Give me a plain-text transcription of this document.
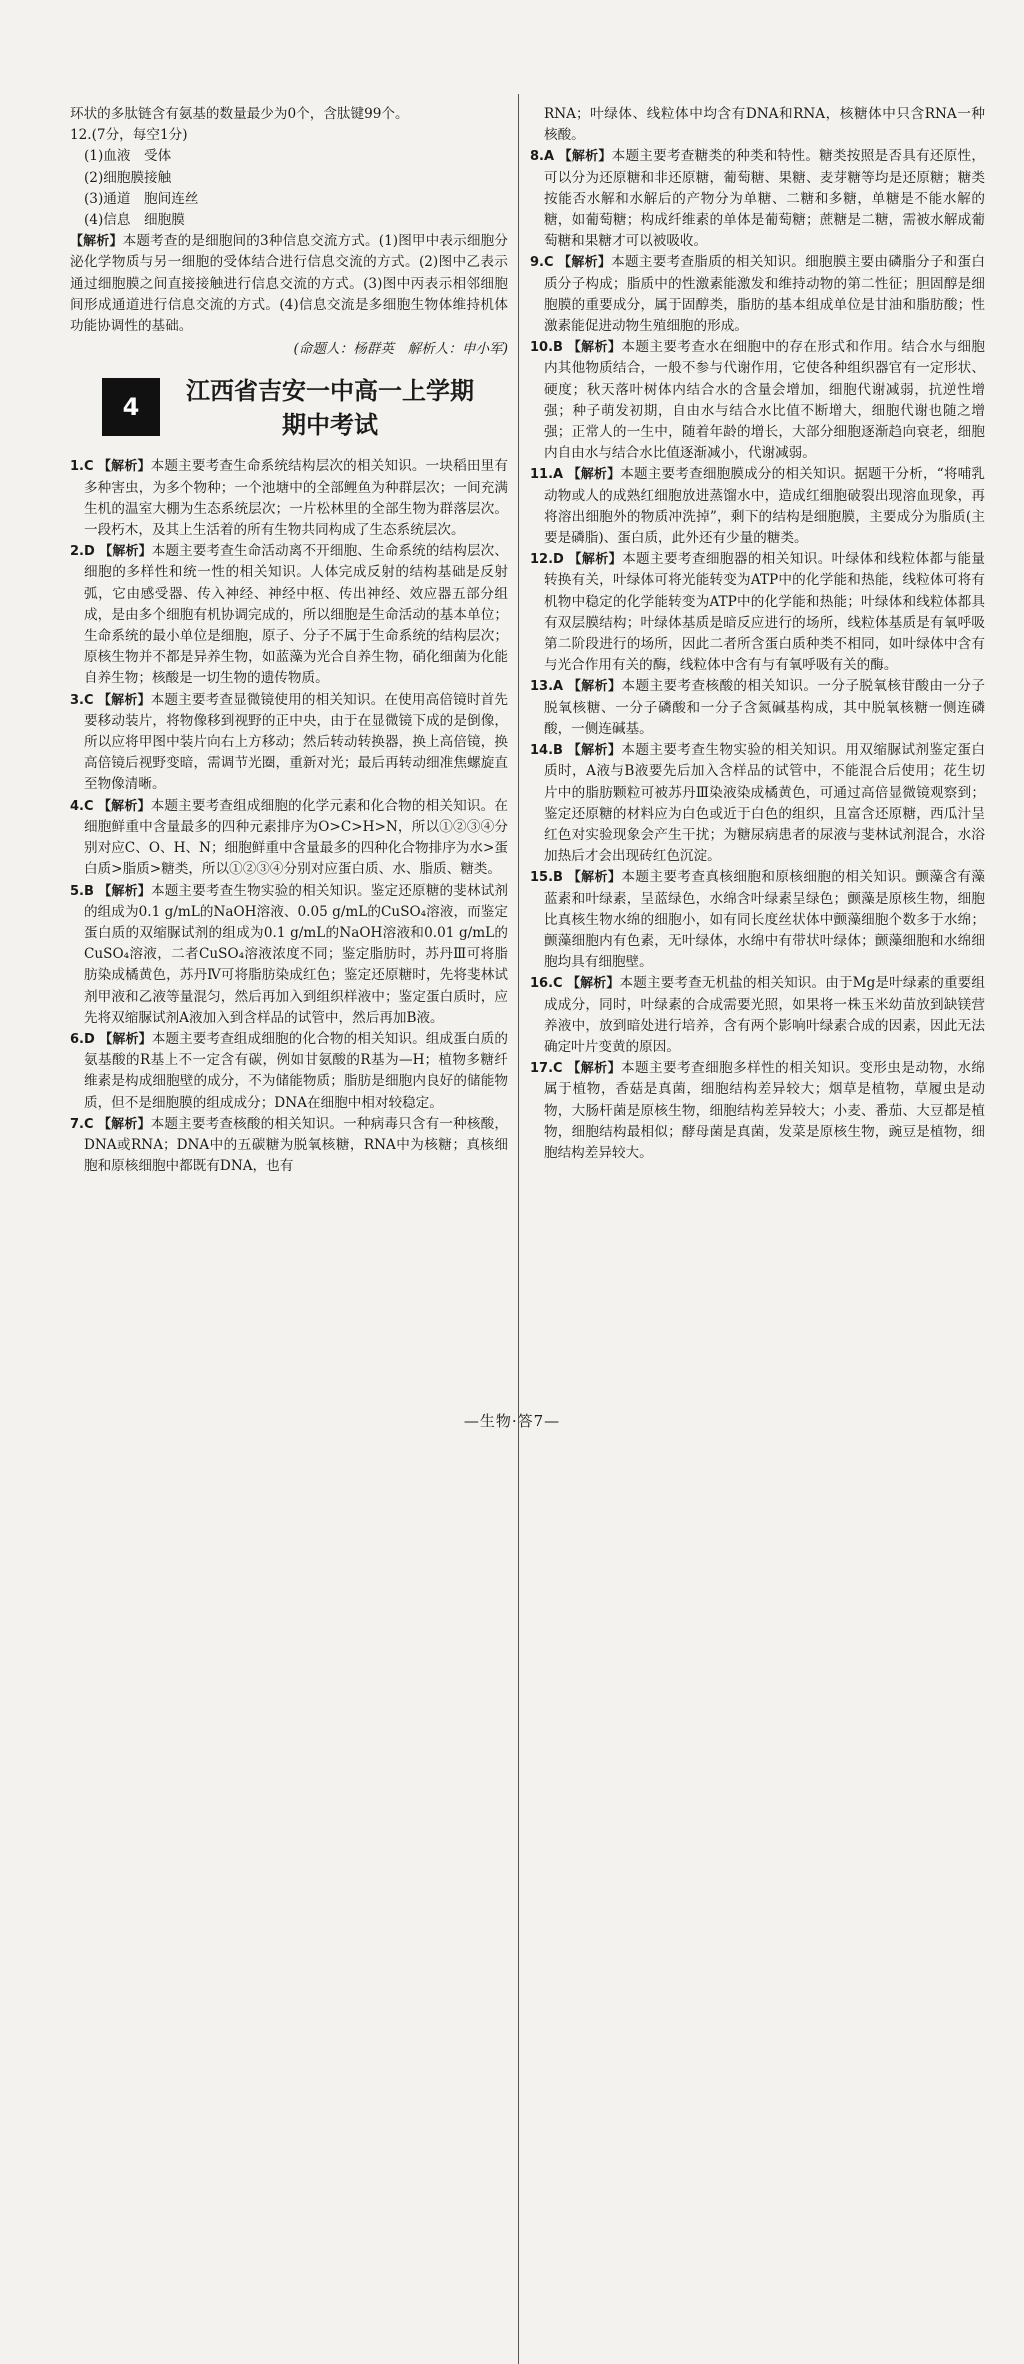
环状的多肽链含有氨基的数量最少为0个，含肽键99个。

12.(7分，每空1分)

(1)血液　受体

(2)细胞膜接触

(3)通道　胞间连丝

(4)信息　细胞膜

【解析】本题考查的是细胞间的3种信息交流方式。(1)图甲中表示细胞分泌化学物质与另一细胞的受体结合进行信息交流的方式。(2)图中乙表示通过细胞膜之间直接接触进行信息交流的方式。(3)图中丙表示相邻细胞间形成通道进行信息交流的方式。(4)信息交流是多细胞生物体维持机体功能协调性的基础。

(命题人：杨群英　解析人：申小军)

4
江西省吉安一中高一上学期
期中考试

1.C 【解析】本题主要考查生命系统结构层次的相关知识。一块稻田里有多种害虫，为多个物种；一个池塘中的全部鲤鱼为种群层次；一间充满生机的温室大棚为生态系统层次；一片松林里的全部生物为群落层次。一段朽木，及其上生活着的所有生物共同构成了生态系统层次。

2.D 【解析】本题主要考查生命活动离不开细胞、生命系统的结构层次、细胞的多样性和统一性的相关知识。人体完成反射的结构基础是反射弧，它由感受器、传入神经、神经中枢、传出神经、效应器五部分组成，是由多个细胞有机协调完成的，所以细胞是生命活动的基本单位；生命系统的最小单位是细胞，原子、分子不属于生命系统的结构层次；原核生物并不都是异养生物，如蓝藻为光合自养生物，硝化细菌为化能自养生物；核酸是一切生物的遗传物质。

3.C 【解析】本题主要考查显微镜使用的相关知识。在使用高倍镜时首先要移动装片，将物像移到视野的正中央，由于在显微镜下成的是倒像，所以应将甲图中装片向右上方移动；然后转动转换器，换上高倍镜，换高倍镜后视野变暗，需调节光圈，重新对光；最后再转动细准焦螺旋直至物像清晰。

4.C 【解析】本题主要考查组成细胞的化学元素和化合物的相关知识。在细胞鲜重中含量最多的四种元素排序为O>C>H>N，所以①②③④分别对应C、O、H、N；细胞鲜重中含量最多的四种化合物排序为水>蛋白质>脂质>糖类，所以①②③④分别对应蛋白质、水、脂质、糖类。

5.B 【解析】本题主要考查生物实验的相关知识。鉴定还原糖的斐林试剂的组成为0.1 g/mL的NaOH溶液、0.05 g/mL的CuSO₄溶液，而鉴定蛋白质的双缩脲试剂的组成为0.1 g/mL的NaOH溶液和0.01 g/mL的CuSO₄溶液，二者CuSO₄溶液浓度不同；鉴定脂肪时，苏丹Ⅲ可将脂肪染成橘黄色，苏丹Ⅳ可将脂肪染成红色；鉴定还原糖时，先将斐林试剂甲液和乙液等量混匀，然后再加入到组织样液中；鉴定蛋白质时，应先将双缩脲试剂A液加入到含样品的试管中，然后再加B液。

6.D 【解析】本题主要考查组成细胞的化合物的相关知识。组成蛋白质的氨基酸的R基上不一定含有碳，例如甘氨酸的R基为—H；植物多糖纤维素是构成细胞壁的成分，不为储能物质；脂肪是细胞内良好的储能物质，但不是细胞膜的组成成分；DNA在细胞中相对较稳定。

7.C 【解析】本题主要考查核酸的相关知识。一种病毒只含有一种核酸，DNA或RNA；DNA中的五碳糖为脱氧核糖，RNA中为核糖；真核细胞和原核细胞中都既有DNA，也有

RNA；叶绿体、线粒体中均含有DNA和RNA，核糖体中只含RNA一种核酸。

8.A 【解析】本题主要考查糖类的种类和特性。糖类按照是否具有还原性，可以分为还原糖和非还原糖，葡萄糖、果糖、麦芽糖等均是还原糖；糖类按能否水解和水解后的产物分为单糖、二糖和多糖，单糖是不能水解的糖，如葡萄糖；构成纤维素的单体是葡萄糖；蔗糖是二糖，需被水解成葡萄糖和果糖才可以被吸收。

9.C 【解析】本题主要考查脂质的相关知识。细胞膜主要由磷脂分子和蛋白质分子构成；脂质中的性激素能激发和维持动物的第二性征；胆固醇是细胞膜的重要成分，属于固醇类，脂肪的基本组成单位是甘油和脂肪酸；性激素能促进动物生殖细胞的形成。

10.B 【解析】本题主要考查水在细胞中的存在形式和作用。结合水与细胞内其他物质结合，一般不参与代谢作用，它使各种组织器官有一定形状、硬度；秋天落叶树体内结合水的含量会增加，细胞代谢减弱，抗逆性增强；种子萌发初期，自由水与结合水比值不断增大，细胞代谢也随之增强；正常人的一生中，随着年龄的增长，大部分细胞逐渐趋向衰老，细胞内自由水与结合水比值逐渐减小，代谢减弱。

11.A 【解析】本题主要考查细胞膜成分的相关知识。据题干分析，“将哺乳动物或人的成熟红细胞放进蒸馏水中，造成红细胞破裂出现溶血现象，再将溶出细胞外的物质冲洗掉”，剩下的结构是细胞膜，主要成分为脂质(主要是磷脂)、蛋白质，此外还有少量的糖类。

12.D 【解析】本题主要考查细胞器的相关知识。叶绿体和线粒体都与能量转换有关，叶绿体可将光能转变为ATP中的化学能和热能，线粒体可将有机物中稳定的化学能转变为ATP中的化学能和热能；叶绿体和线粒体都具有双层膜结构；叶绿体基质是暗反应进行的场所，线粒体基质是有氧呼吸第二阶段进行的场所，因此二者所含蛋白质种类不相同，如叶绿体中含有与光合作用有关的酶，线粒体中含有与有氧呼吸有关的酶。

13.A 【解析】本题主要考查核酸的相关知识。一分子脱氧核苷酸由一分子脱氧核糖、一分子磷酸和一分子含氮碱基构成，其中脱氧核糖一侧连磷酸，一侧连碱基。

14.B 【解析】本题主要考查生物实验的相关知识。用双缩脲试剂鉴定蛋白质时，A液与B液要先后加入含样品的试管中，不能混合后使用；花生切片中的脂肪颗粒可被苏丹Ⅲ染液染成橘黄色，可通过高倍显微镜观察到；鉴定还原糖的材料应为白色或近于白色的组织，且富含还原糖，西瓜汁呈红色对实验现象会产生干扰；为糖尿病患者的尿液与斐林试剂混合，水浴加热后才会出现砖红色沉淀。

15.B 【解析】本题主要考查真核细胞和原核细胞的相关知识。颤藻含有藻蓝素和叶绿素，呈蓝绿色，水绵含叶绿素呈绿色；颤藻是原核生物，细胞比真核生物水绵的细胞小，如有同长度丝状体中颤藻细胞个数多于水绵；颤藻细胞内有色素，无叶绿体，水绵中有带状叶绿体；颤藻细胞和水绵细胞均具有细胞壁。

16.C 【解析】本题主要考查无机盐的相关知识。由于Mg是叶绿素的重要组成成分，同时，叶绿素的合成需要光照，如果将一株玉米幼苗放到缺镁营养液中，放到暗处进行培养，含有两个影响叶绿素合成的因素，因此无法确定叶片变黄的原因。

17.C 【解析】本题主要考查细胞多样性的相关知识。变形虫是动物，水绵属于植物，香菇是真菌，细胞结构差异较大；烟草是植物，草履虫是动物，大肠杆菌是原核生物，细胞结构差异较大；小麦、番茄、大豆都是植物，细胞结构最相似；酵母菌是真菌，发菜是原核生物，豌豆是植物，细胞结构差异较大。

—生物·答7—
